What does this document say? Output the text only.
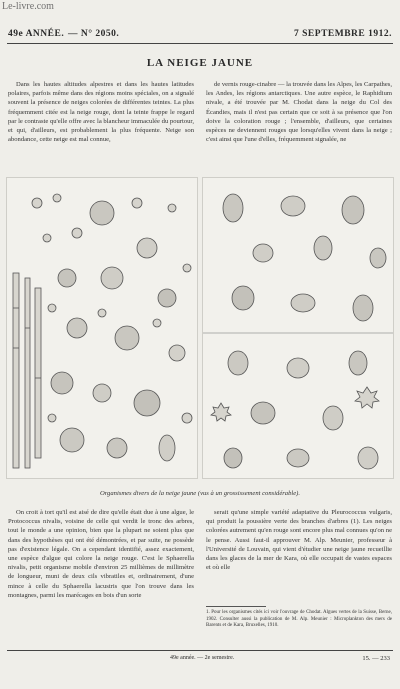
Le-livre.com
49e ANNÉE. — N° 2050.	7 SEPTEMBRE 1912.
LA NEIGE JAUNE

Dans les hautes altitudes alpestres et dans les hautes latitudes polaires, parfois même dans des régions moins spéciales, on a signalé souvent la présence de neiges colorées de différentes teintes. La plus fréquemment citée est la neige rouge, dont la teinte frappe le regard par le contraste qu'elle offre avec la blancheur immaculée du pourtour, et qui, d'ailleurs, est probablement la plus fréquente. Neige son abondance, cette neige est mal connue,

de vernis rouge-cinabre — la trouvée dans les Alpes, les Carpathes, les Andes, les régions antarctiques. Une autre espèce, le Raphidium nivale, a été trouvée par M. Chodat dans la neige du Col des Écandies, mais il n'est pas certain que ce soit à sa présence que l'on doive la coloration rouge ; l'ensemble, d'ailleurs, que certaines espèces ne deviennent rouges que lorsqu'elles vivent dans la neige ; c'est ainsi que l'une d'elles, fréquemment signalée, ne

Organismes divers de la neige jaune (vus à un grossissement considérable).

On croit à tort qu'il est aisé de dire qu'elle était due à une algue, le Protococcus nivalis, voisine de celle qui verdit le tronc des arbres, tout le monde a une opinion, bien que la plupart ne soient plus que dans des hypothèses qui ont été démontrées, et par suite, ne possède pas d'existence légale. On a cependant identifié, assez exactement, une espèce d'algue qui colore la neige rouge. C'est le Sphaerella nivalis, petit organisme mobile d'environ 25 millièmes de millimètre de longueur, muni de deux cils vibratiles et, ordinairement, d'une mince à celle du Sphaerella lacustris que l'on trouve dans les montagnes, parmi les marécages en bois d'un sorte

serait qu'une simple variété adaptative du Pleurococcus vulgaris, qui produit la poussière verte des branches d'arbres (1). Les neiges colorées autrement qu'en rouge sont encore plus mal connues qu'on ne le pense. Aussi faut-il approuver M. Alp. Meunier, professeur à l'Université de Louvain, qui vient d'étudier une neige jaune recueillie dans les glaces de la mer de Kara, où elle occupait de vastes espaces et où elle

1. Pour les organismes cités ici voir l'ouvrage de Chodat. Algues vertes de la Suisse, Berne, 1902. Consulter aussi la publication de M. Alp. Meunier : Microplankton des mers de Barents et de Kara, Bruxelles, 1910.
49e année. — 2e semestre.	15. — 233
